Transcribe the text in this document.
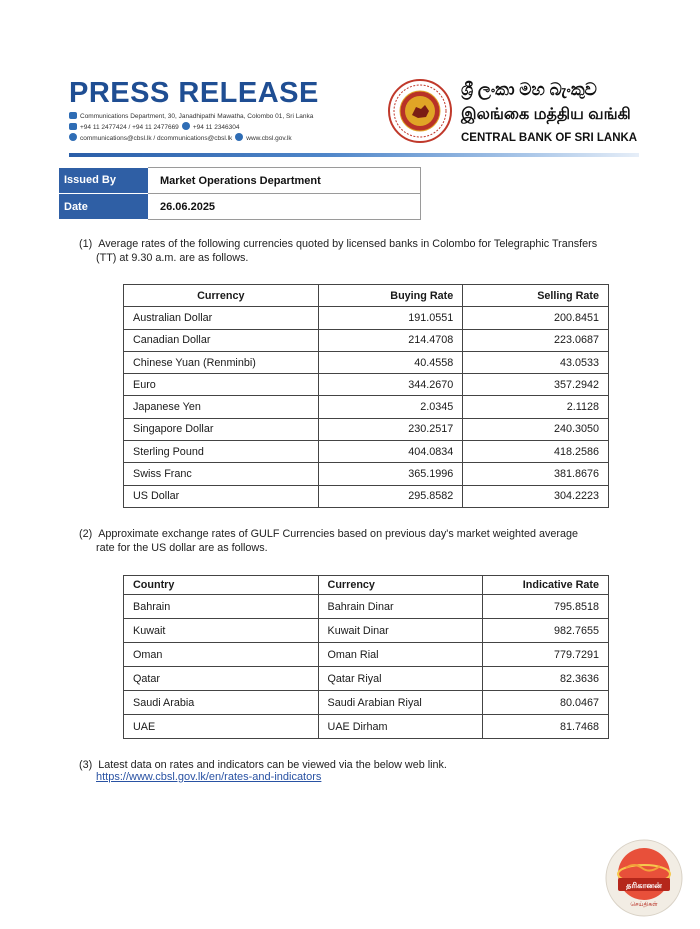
PRESS RELEASE
Communications Department, 30, Janadhipathi Mawatha, Colombo 01, Sri Lanka
+94 11 2477424 / +94 11 2477669 +94 11 2346304
communications@cbsl.lk / dcommunications@cbsl.lk www.cbsl.gov.lk
ශ්‍රී ලංකා මහ බැංකුව
இலங்கை மத்திய வங்கி
CENTRAL BANK OF SRI LANKA
Issued By	Market Operations Department
Date	26.06.2025
(1) Average rates of the following currencies quoted by licensed banks in Colombo for Telegraphic Transfers
(TT) at 9.30 a.m. are as follows.
Currency	Buying Rate	Selling Rate
Australian Dollar	191.0551	200.8451
Canadian Dollar	214.4708	223.0687
Chinese Yuan (Renminbi)	40.4558	43.0533
Euro	344.2670	357.2942
Japanese Yen	2.0345	2.1128
Singapore Dollar	230.2517	240.3050
Sterling Pound	404.0834	418.2586
Swiss Franc	365.1996	381.8676
US Dollar	295.8582	304.2223
(2) Approximate exchange rates of GULF Currencies based on previous day's market weighted average
rate for the US dollar are as follows.
Country	Currency	Indicative Rate
Bahrain	Bahrain Dinar	795.8518
Kuwait	Kuwait Dinar	982.7655
Oman	Oman Rial	779.7291
Qatar	Qatar Riyal	82.3636
Saudi Arabia	Saudi Arabian Riyal	80.0467
UAE	UAE Dirham	81.7468
(3) Latest data on rates and indicators can be viewed via the below web link.
https://www.cbsl.gov.lk/en/rates-and-indicators
தரிகானன்
செய்திகள்
